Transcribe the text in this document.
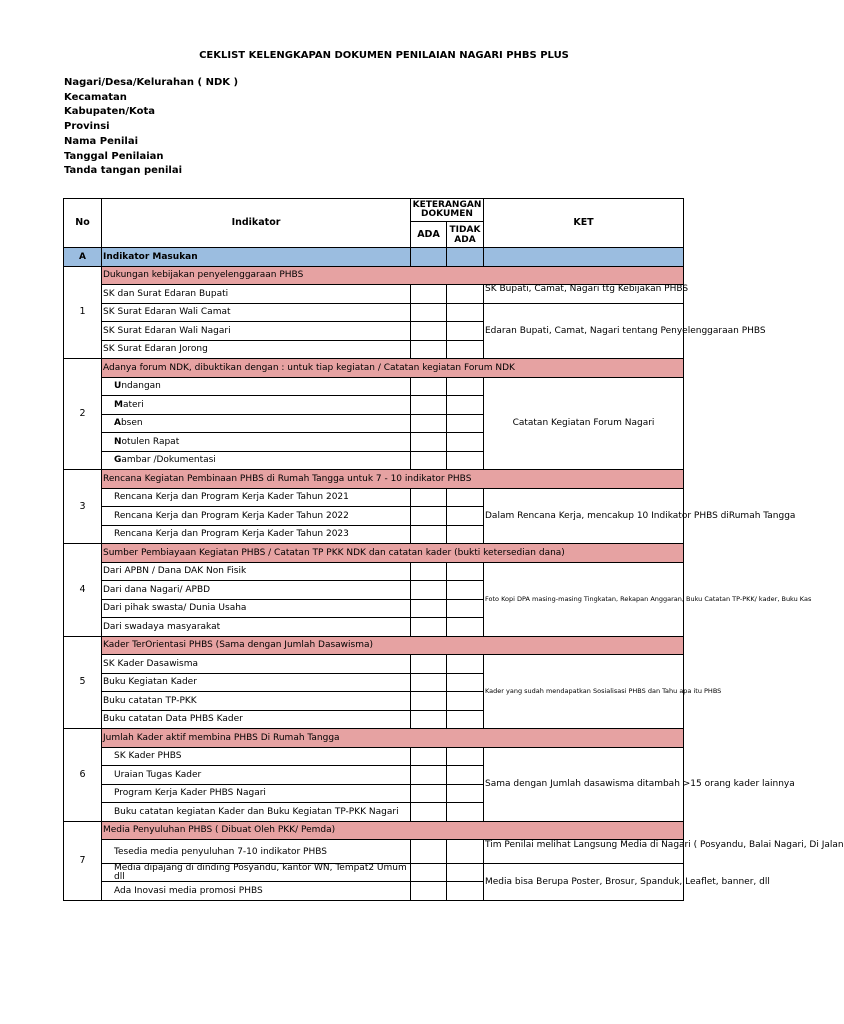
CEKLIST KELENGKAPAN DOKUMEN PENILAIAN NAGARI PHBS PLUS
Nagari/Desa/Kelurahan ( NDK )
Kecamatan
Kabupaten/Kota
Provinsi
Nama Penilai
Tanggal Penilaian
Tanda tangan penilai
No	Indikator	KETERANGAN DOKUMEN		KET
		ADA	TIDAK ADA	
A	Indikator Masukan			
1	Dukungan kebijakan penyelenggaraan PHBS			
	SK dan Surat Edaran Bupati			SK Bupati, Camat, Nagari ttg Kebijakan PHBS
	SK Surat Edaran Wali Camat			Edaran Bupati, Camat, Nagari tentang Penyelenggaraan PHBS
	SK Surat Edaran Wali Nagari			
	SK Surat Edaran Jorong			
2	Adanya forum NDK, dibuktikan dengan : untuk tiap kegiatan / Catatan kegiatan Forum NDK			
	Undangan			Catatan Kegiatan Forum Nagari
	Materi			
	Absen			
	Notulen Rapat			
	Gambar /Dokumentasi			
3	Rencana Kegiatan Pembinaan PHBS di Rumah Tangga untuk 7 - 10 indikator PHBS			
	Rencana Kerja dan Program Kerja Kader Tahun 2021			Dalam Rencana Kerja, mencakup 10 Indikator PHBS diRumah Tangga
	Rencana Kerja dan Program Kerja Kader Tahun 2022			
	Rencana Kerja dan Program Kerja Kader Tahun 2023			
4	Sumber Pembiayaan Kegiatan PHBS / Catatan TP PKK NDK dan catatan kader (bukti ketersedian dana)			
	Dari APBN / Dana DAK Non Fisik			Foto Kopi DPA masing-masing Tingkatan, Rekapan Anggaran, Buku Catatan TP-PKK/ kader, Buku Kas
	Dari dana Nagari/ APBD			
	Dari pihak swasta/ Dunia Usaha			
	Dari swadaya masyarakat			
5	Kader TerOrientasi PHBS (Sama dengan Jumlah Dasawisma)			
	SK Kader Dasawisma			Kader yang sudah mendapatkan Sosialisasi PHBS dan Tahu apa itu PHBS
	Buku Kegiatan Kader			
	Buku catatan TP-PKK			
	Buku catatan Data PHBS Kader			
6	Jumlah Kader aktif membina PHBS Di Rumah Tangga			
	SK Kader PHBS			Sama dengan Jumlah dasawisma ditambah >15 orang kader lainnya
	Uraian Tugas Kader			
	Program Kerja Kader PHBS Nagari			
	Buku catatan kegiatan Kader dan Buku Kegiatan TP-PKK Nagari			
7	Media Penyuluhan PHBS ( Dibuat Oleh PKK/ Pemda)			
	Tesedia media penyuluhan 7-10 indikator PHBS			Tim Penilai melihat Langsung Media di Nagari ( Posyandu, Balai Nagari, Di Jalan
	Media dipajang di dinding Posyandu, kantor WN, Tempat2 Umum dll			Media bisa Berupa Poster, Brosur, Spanduk, Leaflet, banner, dll
	Ada Inovasi media promosi PHBS			
